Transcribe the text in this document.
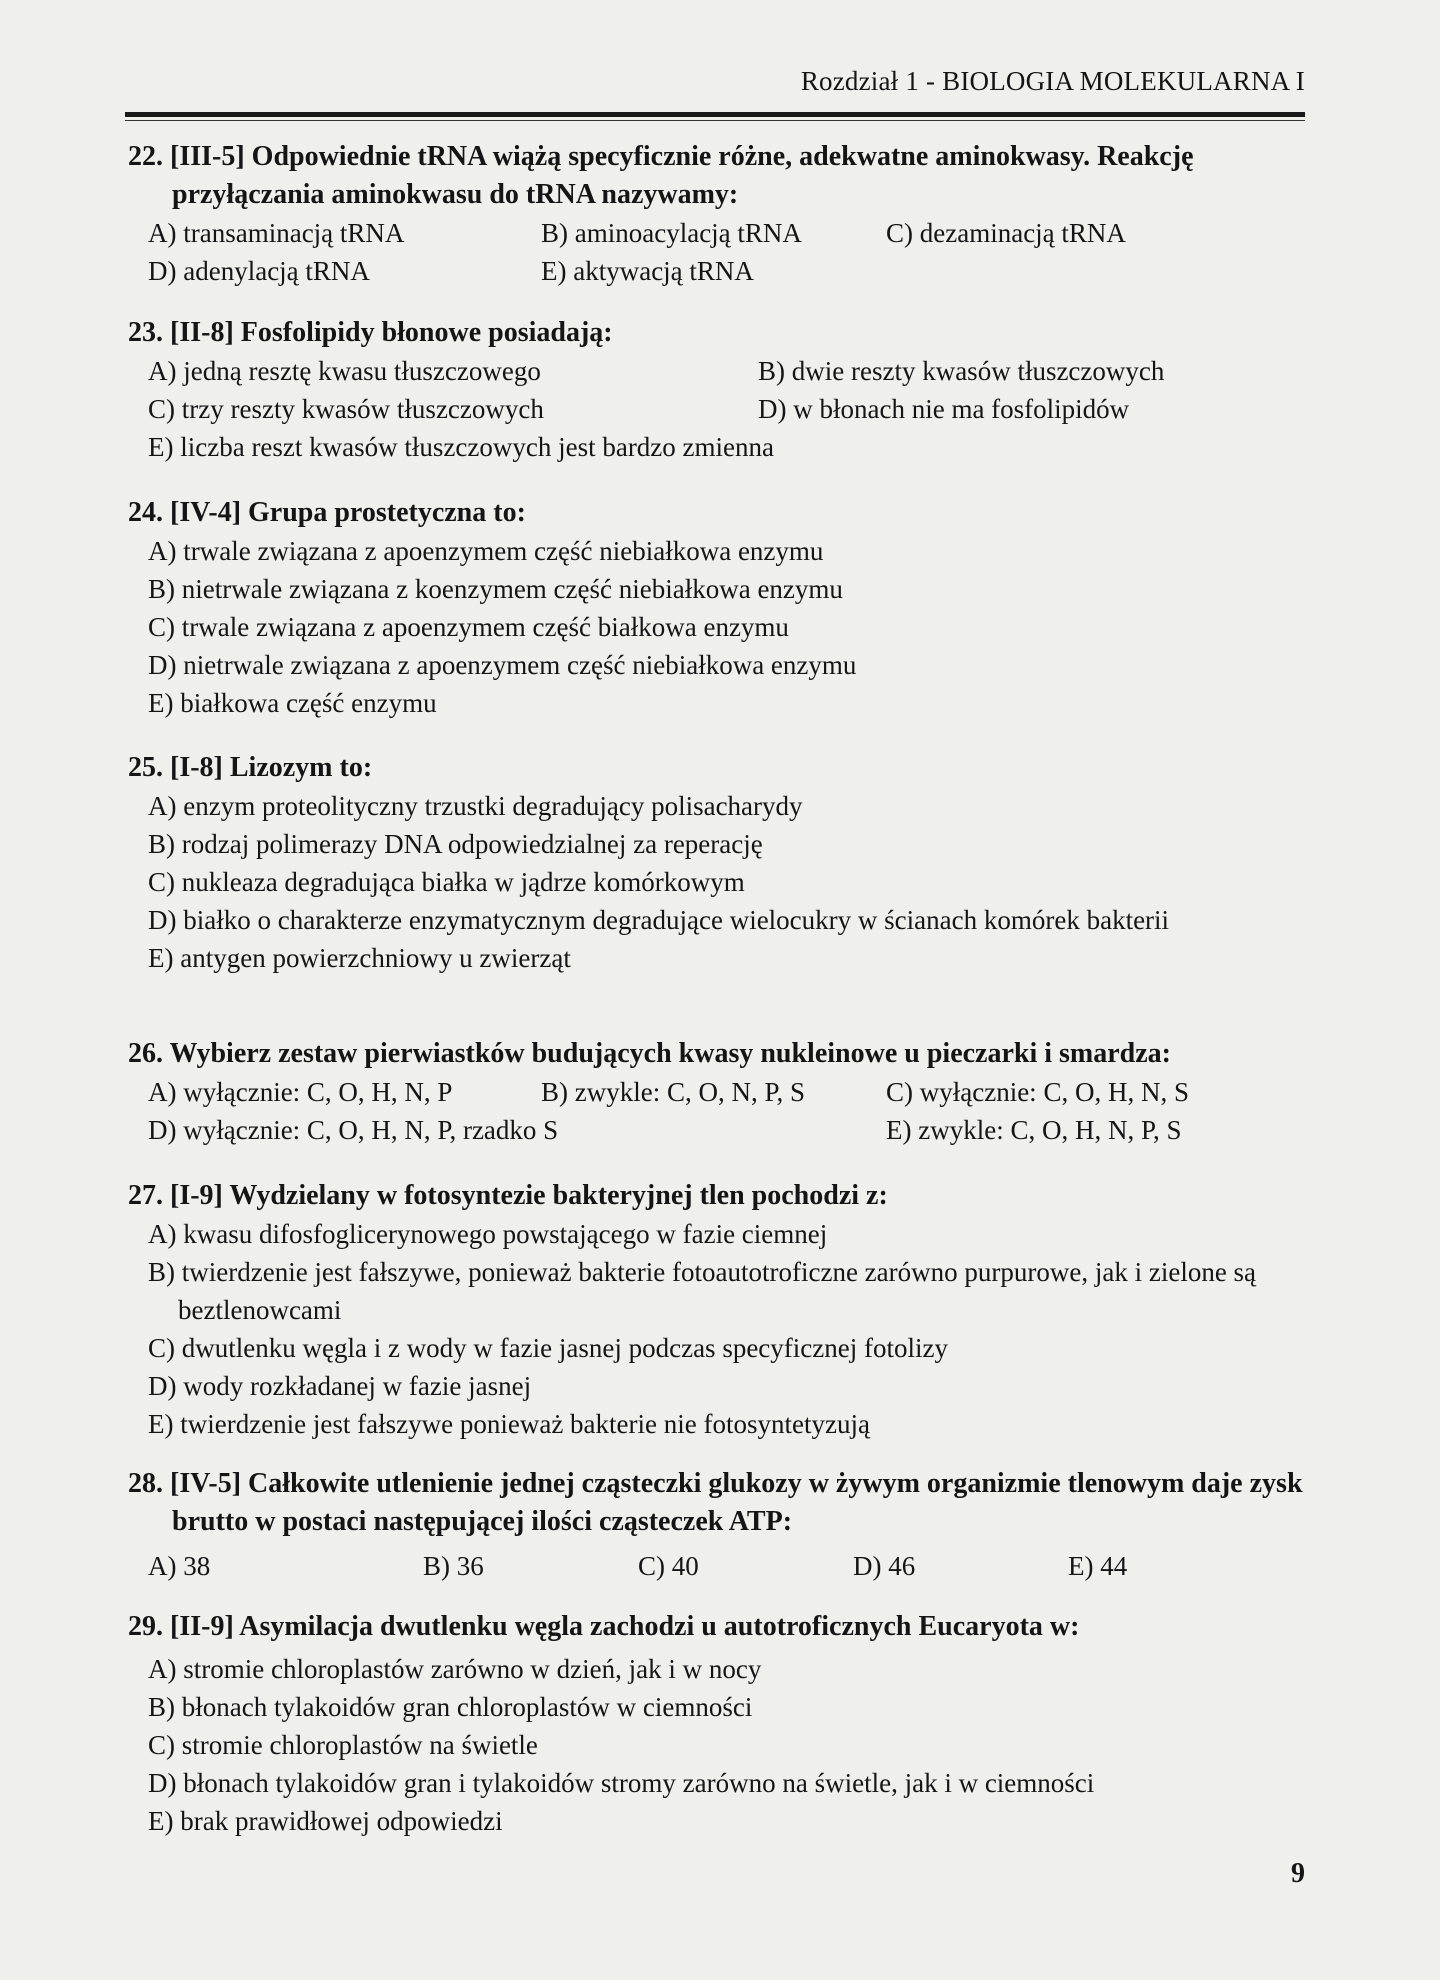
Rozdział 1 - BIOLOGIA MOLEKULARNA I
22. [III-5] Odpowiednie tRNA wiążą specyficznie różne, adekwatne aminokwasy. Reakcję przyłączania aminokwasu do tRNA nazywamy:
A) transaminacją tRNA	B) aminoacylacją tRNA	C) dezaminacją tRNA
D) adenylacją tRNA	E) aktywacją tRNA
23. [II-8] Fosfolipidy błonowe posiadają:
A) jedną resztę kwasu tłuszczowego	B) dwie reszty kwasów tłuszczowych
C) trzy reszty kwasów tłuszczowych	D) w błonach nie ma fosfolipidów
E) liczba reszt kwasów tłuszczowych jest bardzo zmienna
24. [IV-4] Grupa prostetyczna to:
A) trwale związana z apoenzymem część niebiałkowa enzymu
B) nietrwale związana z koenzymem część niebiałkowa enzymu
C) trwale związana z apoenzymem część białkowa enzymu
D) nietrwale związana z apoenzymem część niebiałkowa enzymu
E) białkowa część enzymu
25. [I-8] Lizozym to:
A) enzym proteolityczny trzustki degradujący polisacharydy
B) rodzaj polimerazy DNA odpowiedzialnej za reperację
C) nukleaza degradująca białka w jądrze komórkowym
D) białko o charakterze enzymatycznym degradujące wielocukry w ścianach komórek bakterii
E) antygen powierzchniowy u zwierząt
26. Wybierz zestaw pierwiastków budujących kwasy nukleinowe u pieczarki i smardza:
A) wyłącznie: C, O, H, N, P	B) zwykle: C, O, N, P, S	C) wyłącznie: C, O, H, N, S
D) wyłącznie: C, O, H, N, P, rzadko S	E) zwykle: C, O, H, N, P, S
27. [I-9] Wydzielany w fotosyntezie bakteryjnej tlen pochodzi z:
A) kwasu difosfoglicerynowego powstającego w fazie ciemnej
B) twierdzenie jest fałszywe, ponieważ bakterie fotoautotroficzne zarówno purpurowe, jak i zielone są beztlenowcami
C) dwutlenku węgla i z wody w fazie jasnej podczas specyficznej fotolizy
D) wody rozkładanej w fazie jasnej
E) twierdzenie jest fałszywe ponieważ bakterie nie fotosyntetyzują
28. [IV-5] Całkowite utlenienie jednej cząsteczki glukozy w żywym organizmie tlenowym daje zysk brutto w postaci następującej ilości cząsteczek ATP:
A) 38	B) 36	C) 40	D) 46	E) 44
29. [II-9] Asymilacja dwutlenku węgla zachodzi u autotroficznych Eucaryota w:
A) stromie chloroplastów zarówno w dzień, jak i w nocy
B) błonach tylakoidów gran chloroplastów w ciemności
C) stromie chloroplastów na świetle
D) błonach tylakoidów gran i tylakoidów stromy zarówno na świetle, jak i w ciemności
E) brak prawidłowej odpowiedzi
9
